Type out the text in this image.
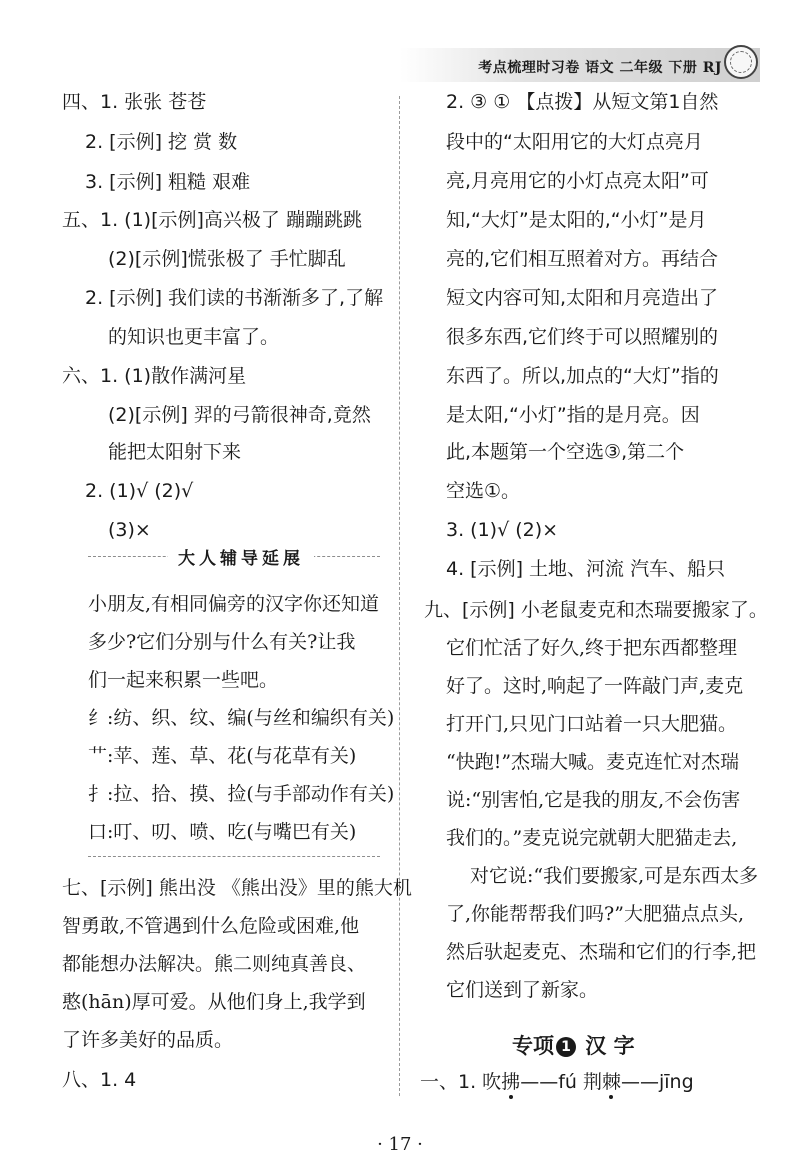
考点梳理时习卷 语文 二年级 下册 RJ
四、1. 张张 苍苍
2. [示例] 挖 赏 数
3. [示例] 粗糙 艰难
五、1. (1)[示例]高兴极了 蹦蹦跳跳
(2)[示例]慌张极了 手忙脚乱
2. [示例] 我们读的书渐渐多了,了解
的知识也更丰富了。
六、1. (1)散作满河星
(2)[示例] 羿的弓箭很神奇,竟然
能把太阳射下来
2. (1)√ (2)√
(3)×
大人辅导延展
小朋友,有相同偏旁的汉字你还知道
多少?它们分别与什么有关?让我
们一起来积累一些吧。
纟:纺、织、纹、编(与丝和编织有关)
艹:苹、莲、草、花(与花草有关)
扌:拉、拾、摸、捡(与手部动作有关)
口:叮、叨、喷、吃(与嘴巴有关)
七、[示例] 熊出没 《熊出没》里的熊大机
智勇敢,不管遇到什么危险或困难,他
都能想办法解决。熊二则纯真善良、
憨(hān)厚可爱。从他们身上,我学到
了许多美好的品质。
八、1. 4
2. ③ ① 【点拨】从短文第1自然
段中的“太阳用它的大灯点亮月
亮,月亮用它的小灯点亮太阳”可
知,“大灯”是太阳的,“小灯”是月
亮的,它们相互照着对方。再结合
短文内容可知,太阳和月亮造出了
很多东西,它们终于可以照耀别的
东西了。所以,加点的“大灯”指的
是太阳,“小灯”指的是月亮。因
此,本题第一个空选③,第二个
空选①。
3. (1)√ (2)×
4. [示例] 土地、河流 汽车、船只
九、[示例] 小老鼠麦克和杰瑞要搬家了。
它们忙活了好久,终于把东西都整理
好了。这时,响起了一阵敲门声,麦克
打开门,只见门口站着一只大肥猫。
“快跑!”杰瑞大喊。麦克连忙对杰瑞
说:“别害怕,它是我的朋友,不会伤害
我们的。”麦克说完就朝大肥猫走去,
对它说:“我们要搬家,可是东西太多
了,你能帮帮我们吗?”大肥猫点点头,
然后驮起麦克、杰瑞和它们的行李,把
它们送到了新家。
专项 1 汉 字
一、1. 吹拂——fú 荆棘——jīng
· 17 ·
